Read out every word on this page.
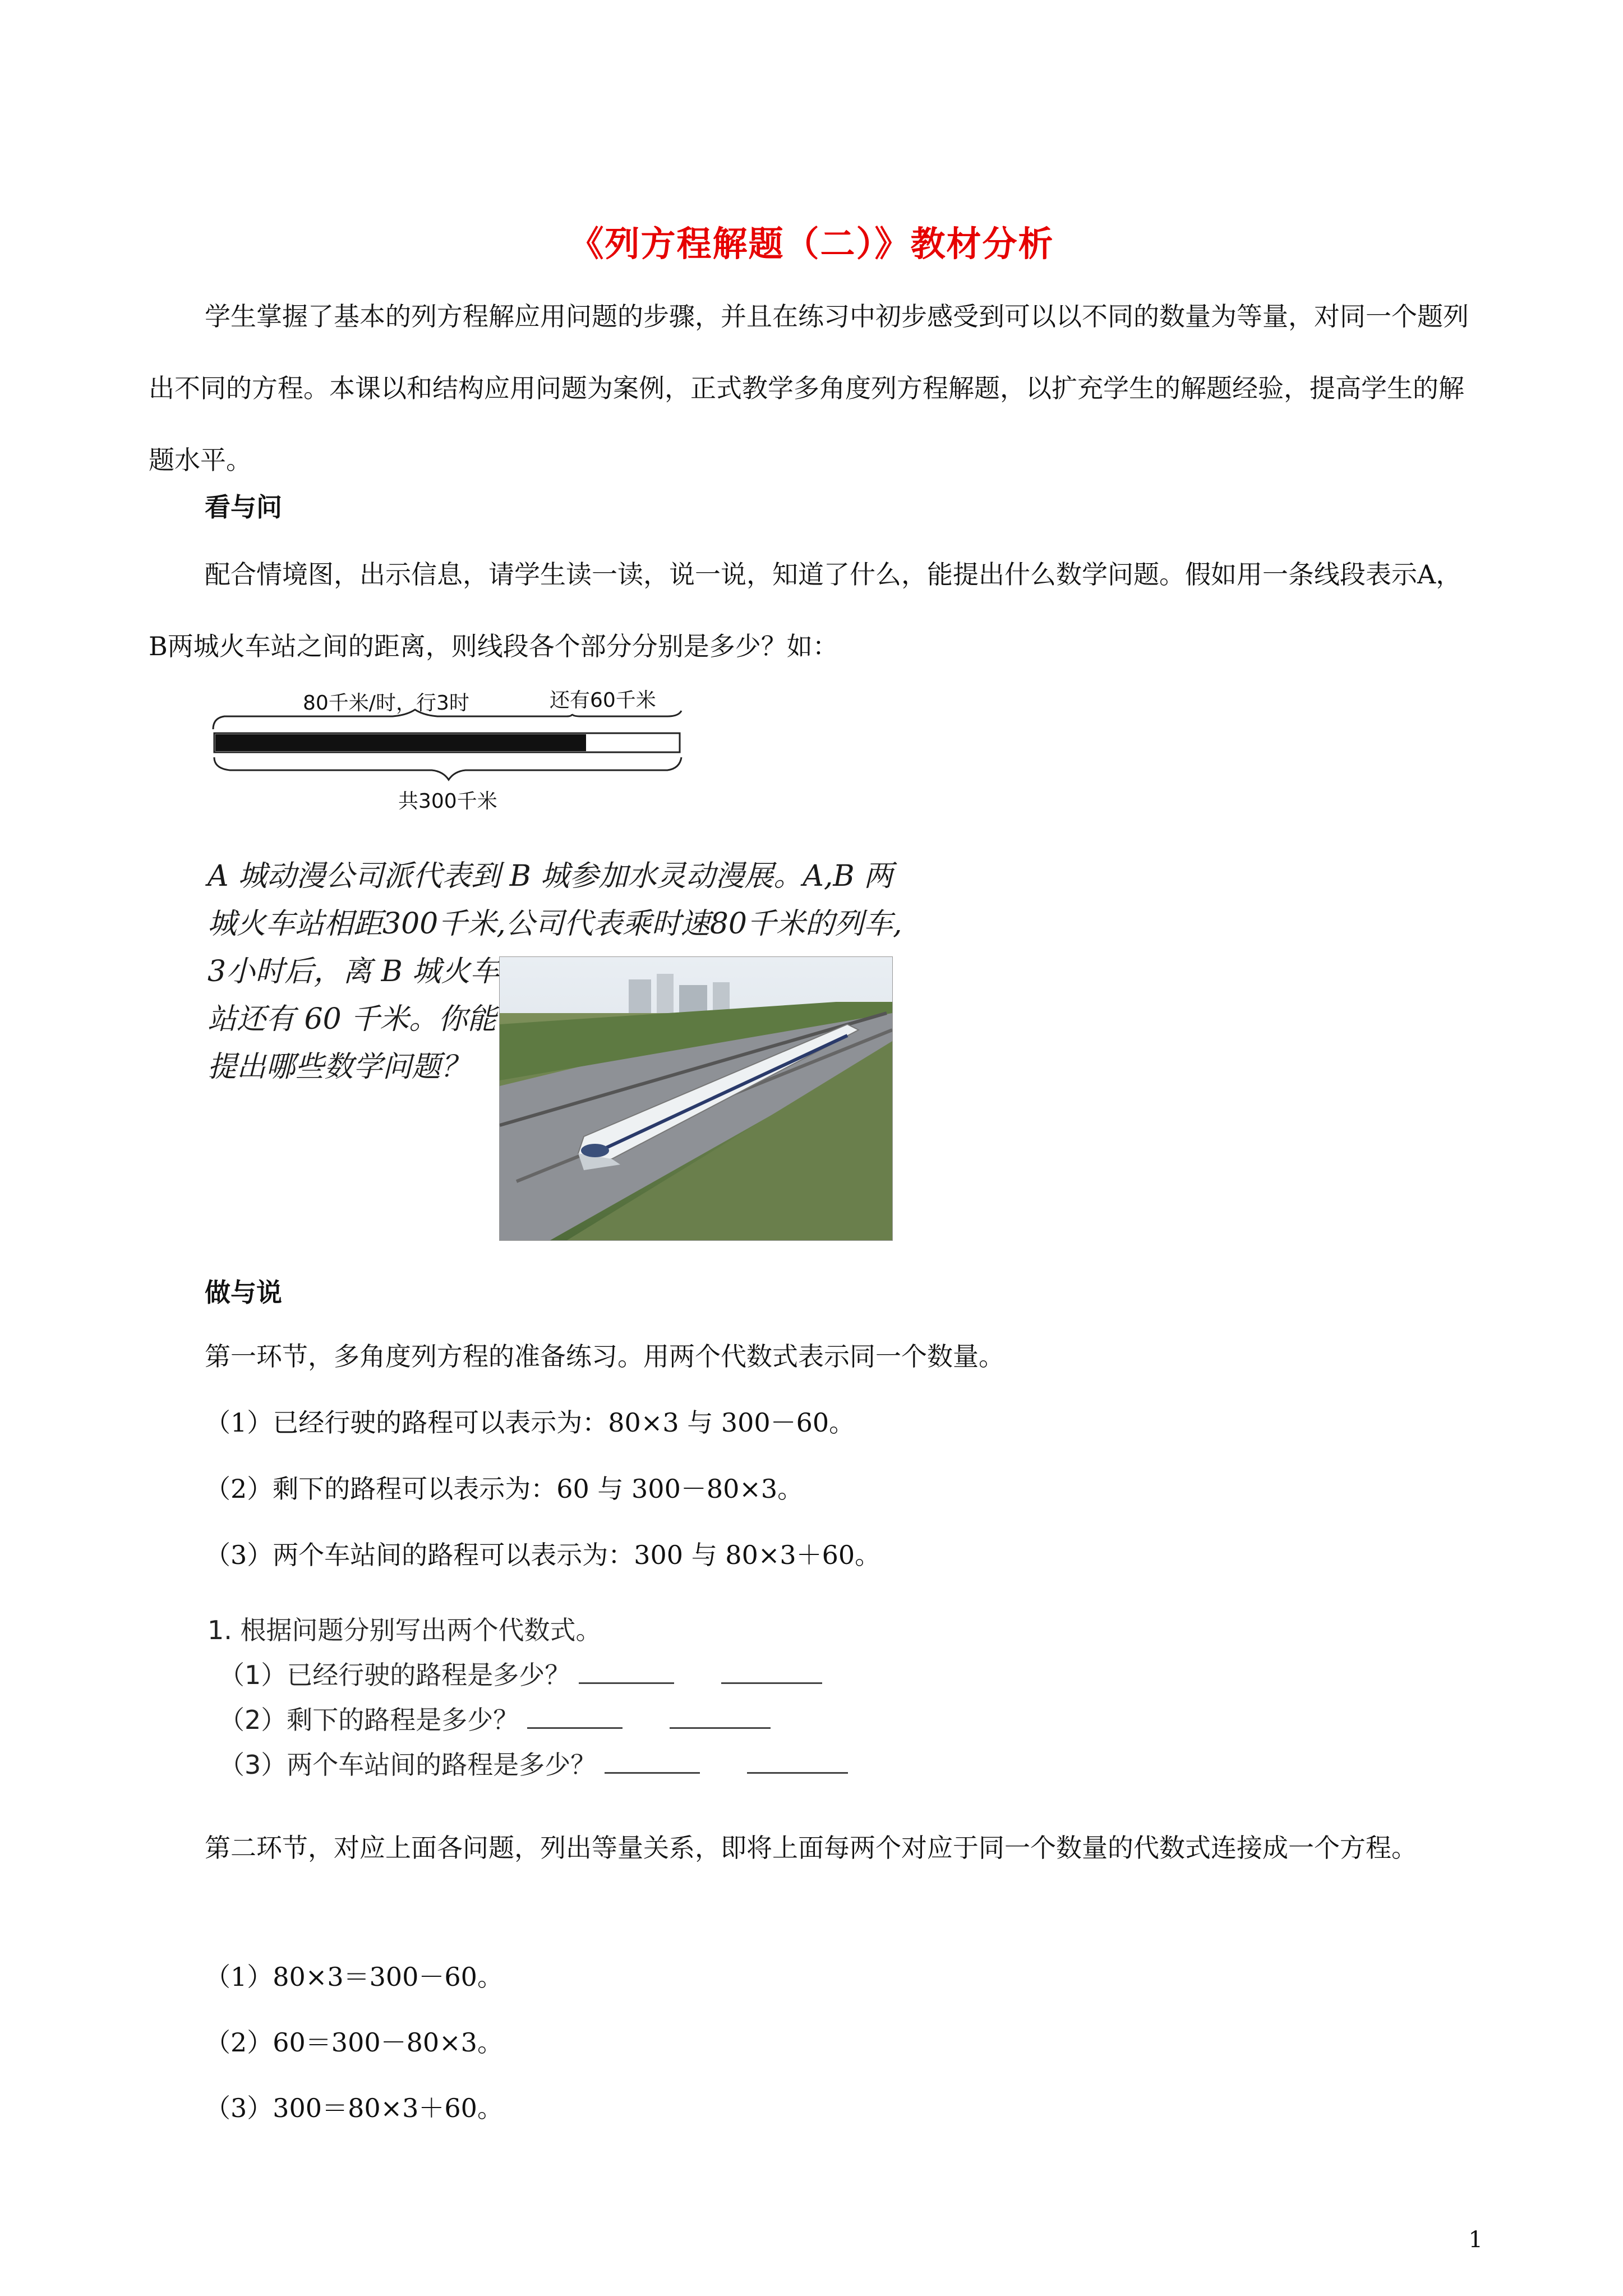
《列方程解题（二）》教材分析
学生掌握了基本的列方程解应用问题的步骤，并且在练习中初步感受到可以以不同的数量为等量，对同一个题列出不同的方程。本课以和结构应用问题为案例，正式教学多角度列方程解题，以扩充学生的解题经验，提高学生的解题水平。
看与问
配合情境图，出示信息，请学生读一读，说一说，知道了什么，能提出什么数学问题。假如用一条线段表示A，B两城火车站之间的距离，则线段各个部分分别是多少？如：
80千米/时，行3时	还有60千米
共300千米
A 城动漫公司派代表到 B 城参加水灵动漫展。A,B 两
城火车站相距300千米,公司代表乘时速80千米的列车,
3小时后，离 B 城火车
站还有 60 千米。你能
提出哪些数学问题？
做与说
第一环节，多角度列方程的准备练习。用两个代数式表示同一个数量。
（1）已经行驶的路程可以表示为：80×3 与 300－60。
（2）剩下的路程可以表示为：60 与 300－80×3。
（3）两个车站间的路程可以表示为：300 与 80×3＋60。
1. 根据问题分别写出两个代数式。
（1）已经行驶的路程是多少？
（2）剩下的路程是多少？
（3）两个车站间的路程是多少？
第二环节，对应上面各问题，列出等量关系，即将上面每两个对应于同一个数量的代数式连接成一个方程。
（1）80×3＝300－60。
（2）60＝300－80×3。
（3）300＝80×3＋60。
1
